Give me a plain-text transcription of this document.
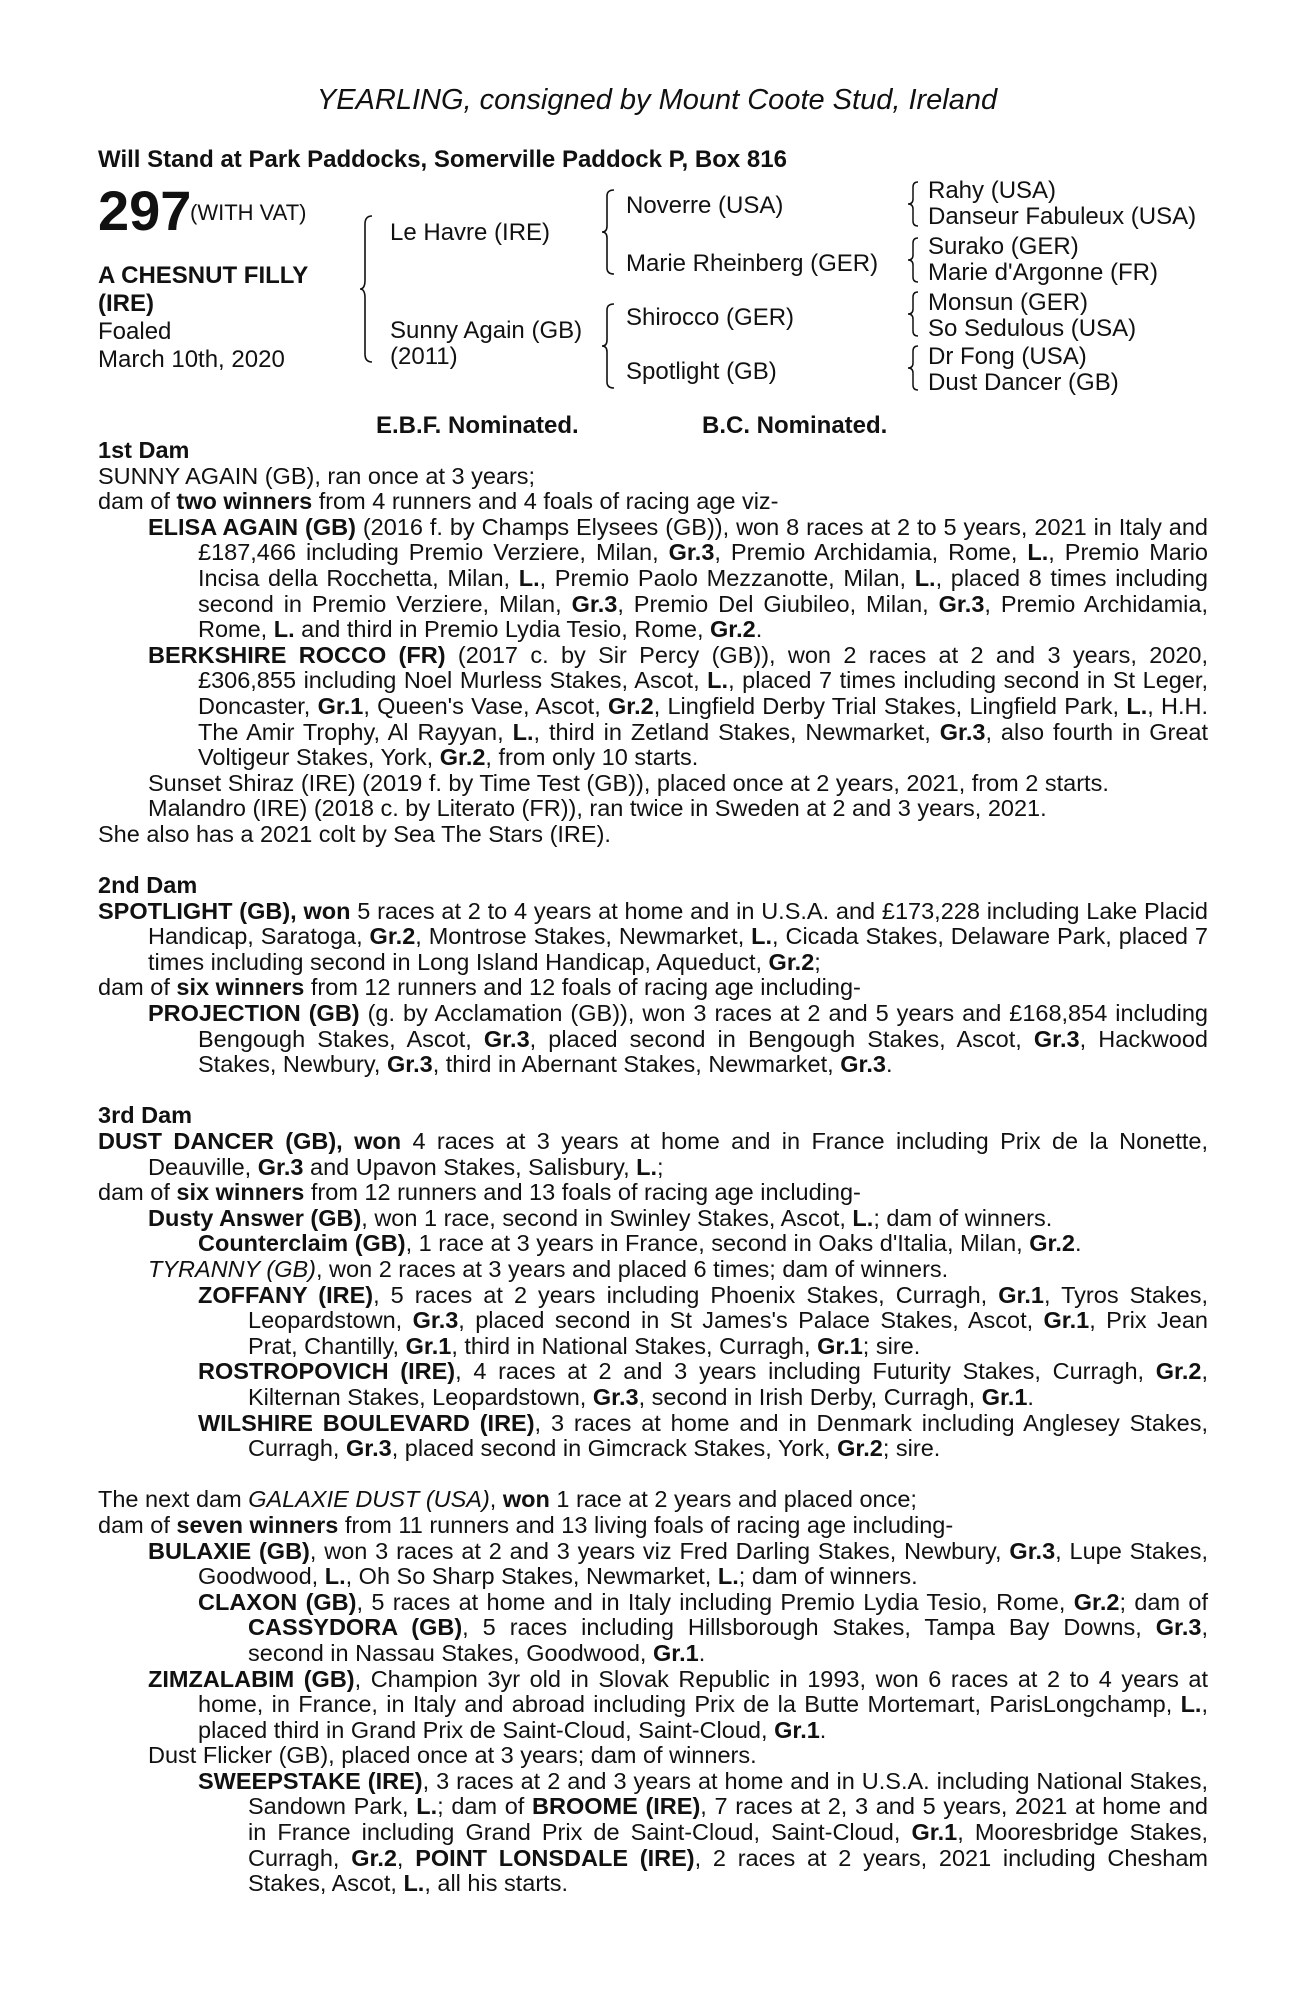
YEARLING, consigned by Mount Coote Stud, Ireland
Will Stand at Park Paddocks, Somerville Paddock P, Box 816
297
(WITH VAT)
A CHESNUT FILLY
(IRE)
Foaled
March 10th, 2020
Le Havre (IRE)
Sunny Again (GB)
(2011)
Noverre (USA)
Marie Rheinberg (GER)
Shirocco (GER)
Spotlight (GB)
Rahy (USA)
Danseur Fabuleux (USA)
Surako (GER)
Marie d'Argonne (FR)
Monsun (GER)
So Sedulous (USA)
Dr Fong (USA)
Dust Dancer (GB)
E.B.F. Nominated.	B.C. Nominated.

1st Dam

SUNNY AGAIN (GB), ran once at 3 years;

dam of two winners from 4 runners and 4 foals of racing age viz-

ELISA AGAIN (GB) (2016 f. by Champs Elysees (GB)), won 8 races at 2 to 5 years, 2021 in Italy and £187,466 including Premio Verziere, Milan, Gr.3, Premio Archidamia, Rome, L., Premio Mario Incisa della Rocchetta, Milan, L., Premio Paolo Mezzanotte, Milan, L., placed 8 times including second in Premio Verziere, Milan, Gr.3, Premio Del Giubileo, Milan, Gr.3, Premio Archidamia, Rome, L. and third in Premio Lydia Tesio, Rome, Gr.2.

BERKSHIRE ROCCO (FR) (2017 c. by Sir Percy (GB)), won 2 races at 2 and 3 years, 2020, £306,855 including Noel Murless Stakes, Ascot, L., placed 7 times including second in St Leger, Doncaster, Gr.1, Queen's Vase, Ascot, Gr.2, Lingfield Derby Trial Stakes, Lingfield Park, L., H.H. The Amir Trophy, Al Rayyan, L., third in Zetland Stakes, Newmarket, Gr.3, also fourth in Great Voltigeur Stakes, York, Gr.2, from only 10 starts.

Sunset Shiraz (IRE) (2019 f. by Time Test (GB)), placed once at 2 years, 2021, from 2 starts.

Malandro (IRE) (2018 c. by Literato (FR)), ran twice in Sweden at 2 and 3 years, 2021.

She also has a 2021 colt by Sea The Stars (IRE).

2nd Dam

SPOTLIGHT (GB), won 5 races at 2 to 4 years at home and in U.S.A. and £173,228 including Lake Placid Handicap, Saratoga, Gr.2, Montrose Stakes, Newmarket, L., Cicada Stakes, Delaware Park, placed 7 times including second in Long Island Handicap, Aqueduct, Gr.2;

dam of six winners from 12 runners and 12 foals of racing age including-

PROJECTION (GB) (g. by Acclamation (GB)), won 3 races at 2 and 5 years and £168,854 including Bengough Stakes, Ascot, Gr.3, placed second in Bengough Stakes, Ascot, Gr.3, Hackwood Stakes, Newbury, Gr.3, third in Abernant Stakes, Newmarket, Gr.3.

3rd Dam

DUST DANCER (GB), won 4 races at 3 years at home and in France including Prix de la Nonette, Deauville, Gr.3 and Upavon Stakes, Salisbury, L.;

dam of six winners from 12 runners and 13 foals of racing age including-

Dusty Answer (GB), won 1 race, second in Swinley Stakes, Ascot, L.; dam of winners.

Counterclaim (GB), 1 race at 3 years in France, second in Oaks d'Italia, Milan, Gr.2.

TYRANNY (GB), won 2 races at 3 years and placed 6 times; dam of winners.

ZOFFANY (IRE), 5 races at 2 years including Phoenix Stakes, Curragh, Gr.1, Tyros Stakes, Leopardstown, Gr.3, placed second in St James's Palace Stakes, Ascot, Gr.1, Prix Jean Prat, Chantilly, Gr.1, third in National Stakes, Curragh, Gr.1; sire.

ROSTROPOVICH (IRE), 4 races at 2 and 3 years including Futurity Stakes, Curragh, Gr.2, Kilternan Stakes, Leopardstown, Gr.3, second in Irish Derby, Curragh, Gr.1.

WILSHIRE BOULEVARD (IRE), 3 races at home and in Denmark including Anglesey Stakes, Curragh, Gr.3, placed second in Gimcrack Stakes, York, Gr.2; sire.

The next dam GALAXIE DUST (USA), won 1 race at 2 years and placed once;

dam of seven winners from 11 runners and 13 living foals of racing age including-

BULAXIE (GB), won 3 races at 2 and 3 years viz Fred Darling Stakes, Newbury, Gr.3, Lupe Stakes, Goodwood, L., Oh So Sharp Stakes, Newmarket, L.; dam of winners.

CLAXON (GB), 5 races at home and in Italy including Premio Lydia Tesio, Rome, Gr.2; dam of CASSYDORA (GB), 5 races including Hillsborough Stakes, Tampa Bay Downs, Gr.3, second in Nassau Stakes, Goodwood, Gr.1.

ZIMZALABIM (GB), Champion 3yr old in Slovak Republic in 1993, won 6 races at 2 to 4 years at home, in France, in Italy and abroad including Prix de la Butte Mortemart, ParisLongchamp, L., placed third in Grand Prix de Saint-Cloud, Saint-Cloud, Gr.1.

Dust Flicker (GB), placed once at 3 years; dam of winners.

SWEEPSTAKE (IRE), 3 races at 2 and 3 years at home and in U.S.A. including National Stakes, Sandown Park, L.; dam of BROOME (IRE), 7 races at 2, 3 and 5 years, 2021 at home and in France including Grand Prix de Saint-Cloud, Saint-Cloud, Gr.1, Mooresbridge Stakes, Curragh, Gr.2, POINT LONSDALE (IRE), 2 races at 2 years, 2021 including Chesham Stakes, Ascot, L., all his starts.
